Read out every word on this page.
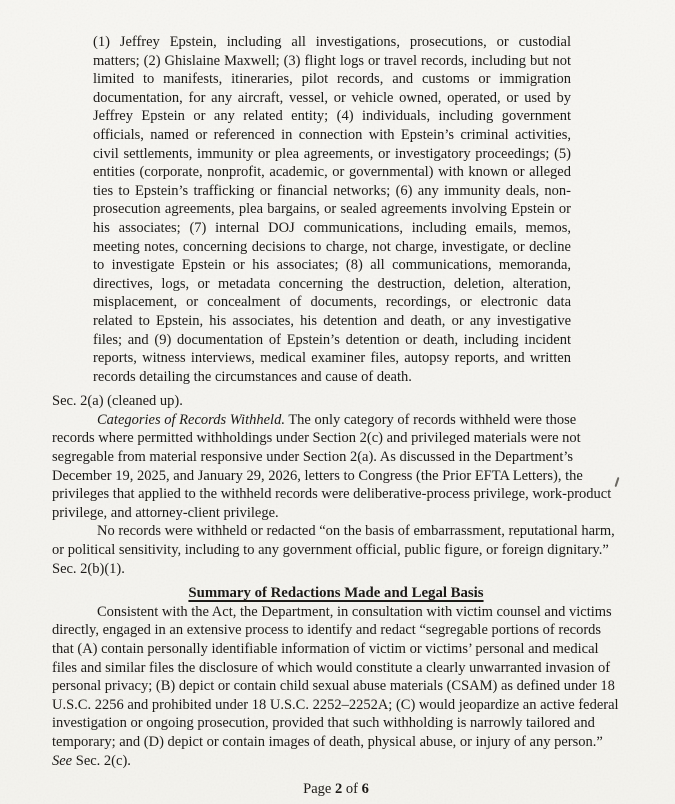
(1) Jeffrey Epstein, including all investigations, prosecutions, or custodial matters; (2) Ghislaine Maxwell; (3) flight logs or travel records, including but not limited to manifests, itineraries, pilot records, and customs or immigration documentation, for any aircraft, vessel, or vehicle owned, operated, or used by Jeffrey Epstein or any related entity; (4) individuals, including government officials, named or referenced in connection with Epstein’s criminal activities, civil settlements, immunity or plea agreements, or investigatory proceedings; (5) entities (corporate, nonprofit, academic, or governmental) with known or alleged ties to Epstein’s trafficking or financial networks; (6) any immunity deals, non-prosecution agreements, plea bargains, or sealed agreements involving Epstein or his associates; (7) internal DOJ communications, including emails, memos, meeting notes, concerning decisions to charge, not charge, investigate, or decline to investigate Epstein or his associates; (8) all communications, memoranda, directives, logs, or metadata concerning the destruction, deletion, alteration, misplacement, or concealment of documents, recordings, or electronic data related to Epstein, his associates, his detention and death, or any investigative files; and (9) documentation of Epstein’s detention or death, including incident reports, witness interviews, medical examiner files, autopsy reports, and written records detailing the circumstances and cause of death.
Sec. 2(a) (cleaned up).

Categories of Records Withheld. The only category of records withheld were those records where permitted withholdings under Section 2(c) and privileged materials were not segregable from material responsive under Section 2(a). As discussed in the Department’s December 19, 2025, and January 29, 2026, letters to Congress (the Prior EFTA Letters), the privileges that applied to the withheld records were deliberative-process privilege, work-product privilege, and attorney-client privilege.

No records were withheld or redacted “on the basis of embarrassment, reputational harm, or political sensitivity, including to any government official, public figure, or foreign dignitary.” Sec. 2(b)(1).

Summary of Redactions Made and Legal Basis

Consistent with the Act, the Department, in consultation with victim counsel and victims directly, engaged in an extensive process to identify and redact “segregable portions of records that (A) contain personally identifiable information of victim or victims’ personal and medical files and similar files the disclosure of which would constitute a clearly unwarranted invasion of personal privacy; (B) depict or contain child sexual abuse materials (CSAM) as defined under 18 U.S.C. 2256 and prohibited under 18 U.S.C. 2252–2252A; (C) would jeopardize an active federal investigation or ongoing prosecution, provided that such withholding is narrowly tailored and temporary; and (D) depict or contain images of death, physical abuse, or injury of any person.” See Sec. 2(c).

Page 2 of 6
